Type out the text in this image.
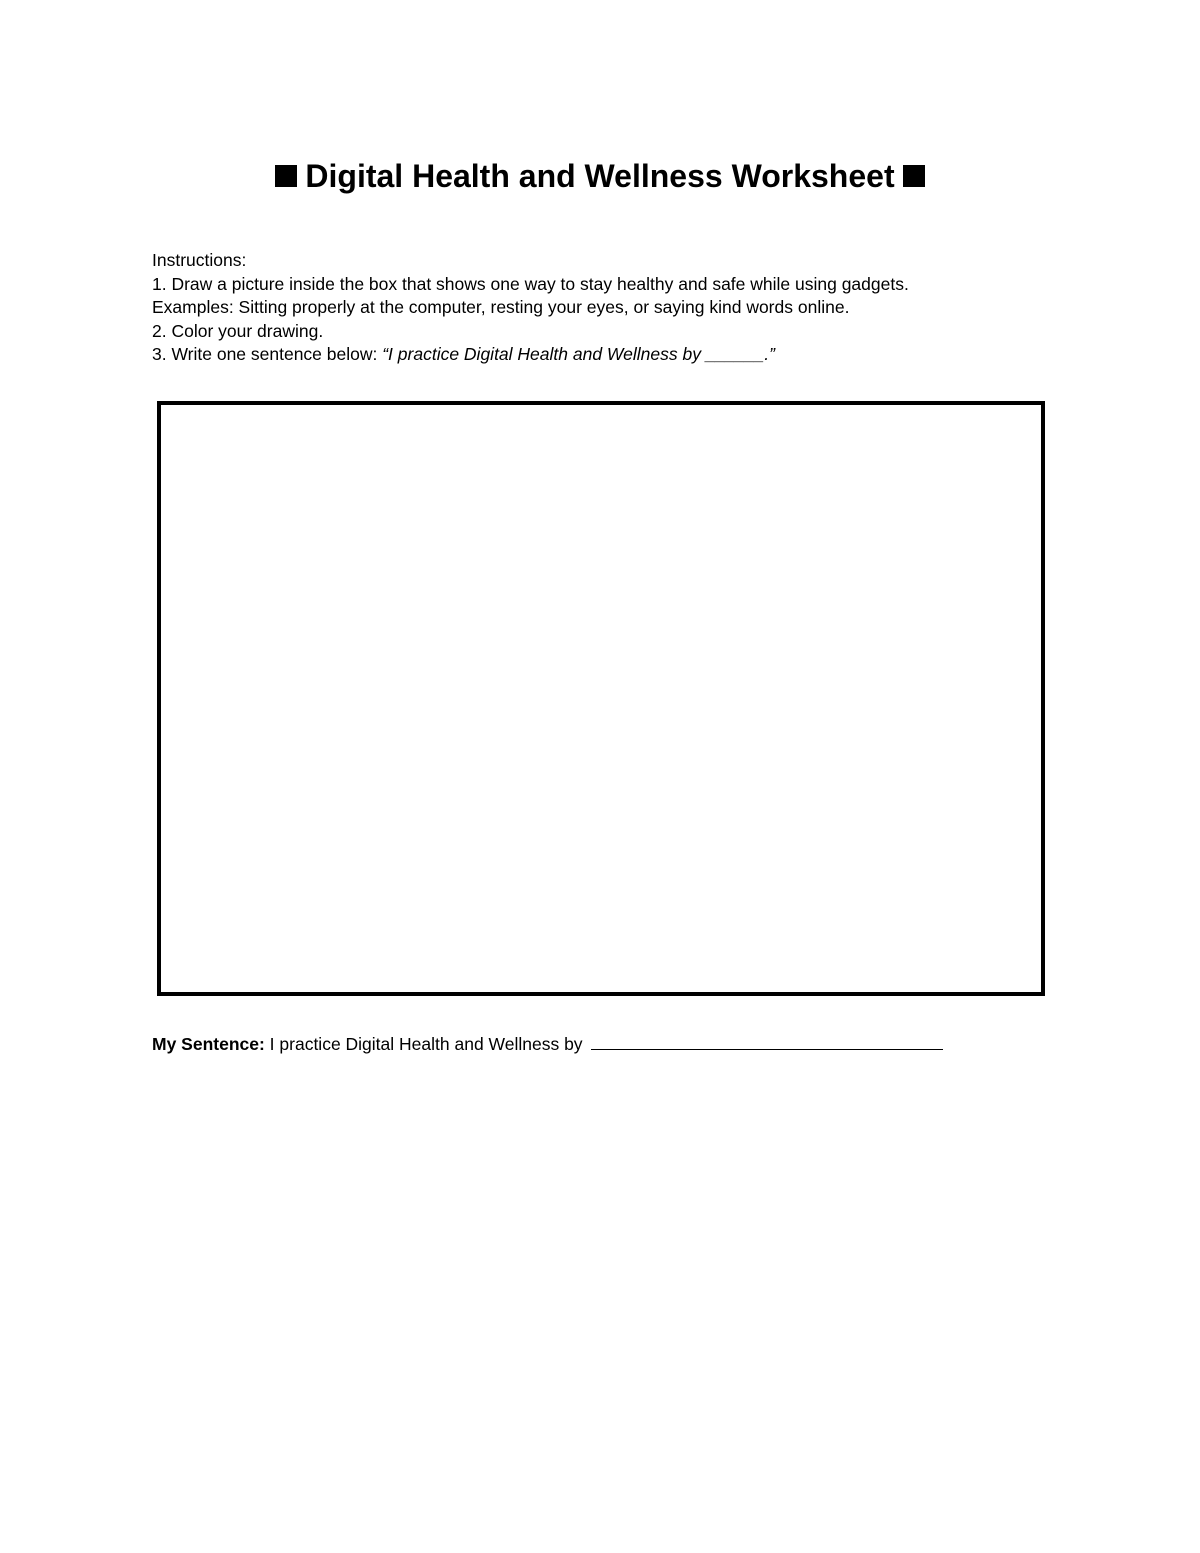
Digital Health and Wellness Worksheet
Instructions:
1. Draw a picture inside the box that shows one way to stay healthy and safe while using gadgets.
Examples: Sitting properly at the computer, resting your eyes, or saying kind words online.
2. Color your drawing.
3. Write one sentence below: “I practice Digital Health and Wellness by ______.”
My Sentence: I practice Digital Health and Wellness by
